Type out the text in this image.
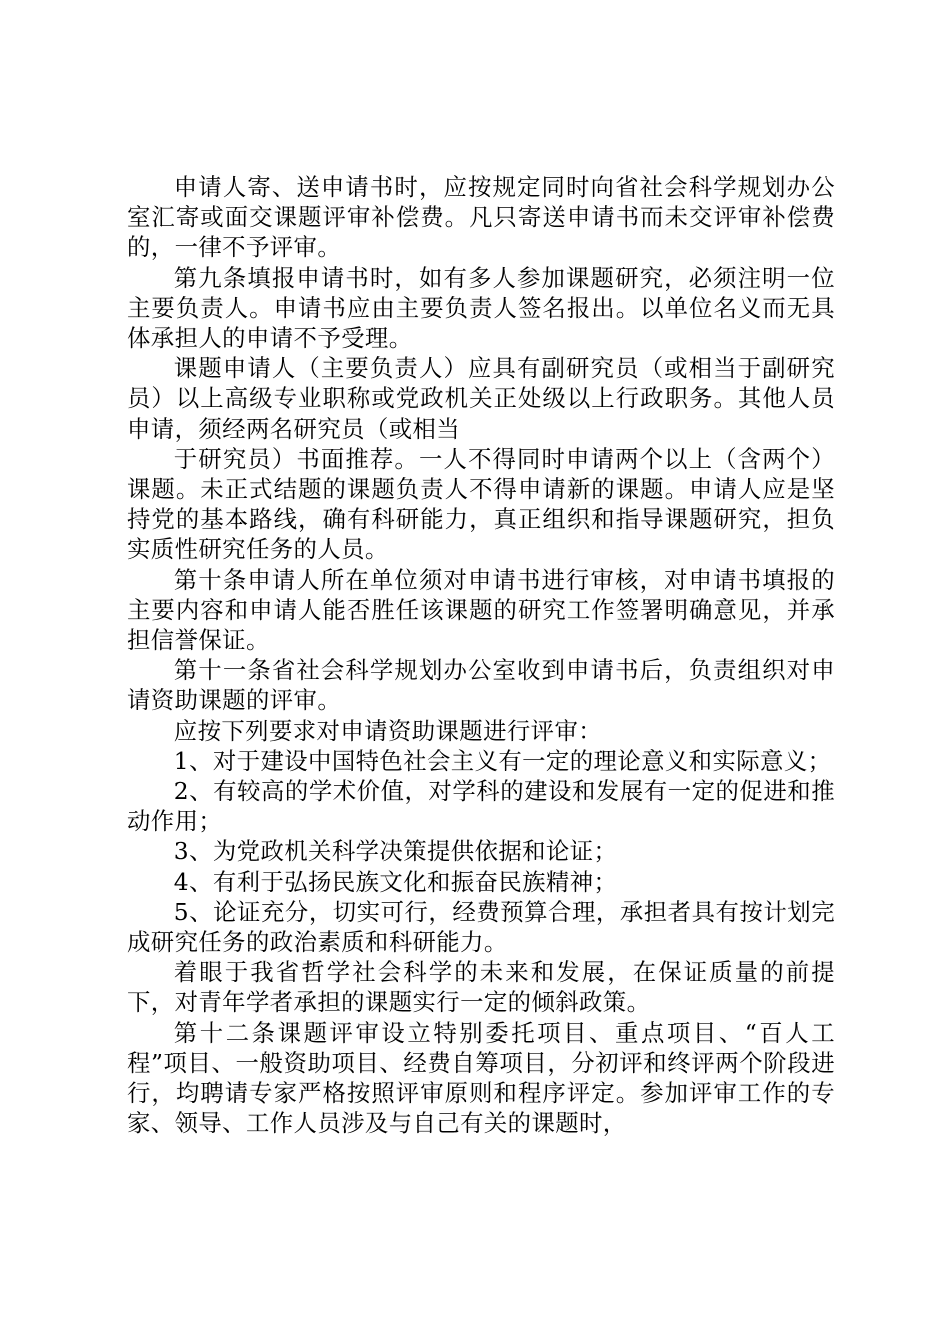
申请人寄、送申请书时，应按规定同时向省社会科学规划办公室汇寄或面交课题评审补偿费。凡只寄送申请书而未交评审补偿费的，一律不予评审。

第九条填报申请书时，如有多人参加课题研究，必须注明一位主要负责人。申请书应由主要负责人签名报出。以单位名义而无具体承担人的申请不予受理。

课题申请人（主要负责人）应具有副研究员（或相当于副研究员）以上高级专业职称或党政机关正处级以上行政职务。其他人员申请，须经两名研究员（或相当

于研究员）书面推荐。一人不得同时申请两个以上（含两个）课题。未正式结题的课题负责人不得申请新的课题。申请人应是坚持党的基本路线，确有科研能力，真正组织和指导课题研究，担负实质性研究任务的人员。

第十条申请人所在单位须对申请书进行审核，对申请书填报的主要内容和申请人能否胜任该课题的研究工作签署明确意见，并承担信誉保证。

第十一条省社会科学规划办公室收到申请书后，负责组织对申请资助课题的评审。

应按下列要求对申请资助课题进行评审：

1、对于建设中国特色社会主义有一定的理论意义和实际意义；

2、有较高的学术价值，对学科的建设和发展有一定的促进和推动作用；

3、为党政机关科学决策提供依据和论证；

4、有利于弘扬民族文化和振奋民族精神；

5、论证充分，切实可行，经费预算合理，承担者具有按计划完成研究任务的政治素质和科研能力。

着眼于我省哲学社会科学的未来和发展，在保证质量的前提下，对青年学者承担的课题实行一定的倾斜政策。

第十二条课题评审设立特别委托项目、重点项目、“百人工程”项目、一般资助项目、经费自筹项目，分初评和终评两个阶段进行，均聘请专家严格按照评审原则和程序评定。参加评审工作的专家、领导、工作人员涉及与自己有关的课题时，
